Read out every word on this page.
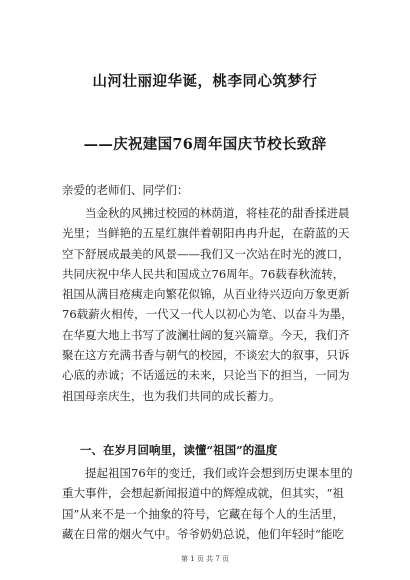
山河壮丽迎华诞，桃李同心筑梦行
——庆祝建国76周年国庆节校长致辞
亲爱的老师们、同学们：
当金秋的风拂过校园的林荫道，将桂花的甜香揉进晨
光里；当鲜艳的五星红旗伴着朝阳冉冉升起，在蔚蓝的天
空下舒展成最美的风景——我们又一次站在时光的渡口，
共同庆祝中华人民共和国成立76周年。76载春秋流转，
祖国从满目疮痍走向繁花似锦，从百业待兴迈向万象更新
76载薪火相传，一代又一代人以初心为笔、以奋斗为墨，
在华夏大地上书写了波澜壮阔的复兴篇章。今天，我们齐
聚在这方充满书香与朝气的校园，不谈宏大的叙事，只诉
心底的赤诚；不话遥远的未来，只论当下的担当，一同为
祖国母亲庆生，也为我们共同的成长蓄力。
一、在岁月回响里，读懂“祖国”的温度
提起祖国76年的变迁，我们或许会想到历史课本里的
重大事件，会想起新闻报道中的辉煌成就，但其实，“祖
国”从来不是一个抽象的符号，它藏在每个人的生活里，
藏在日常的烟火气中。爷爷奶奶总说，他们年轻时“能吃
第 1 页 共 7 页
